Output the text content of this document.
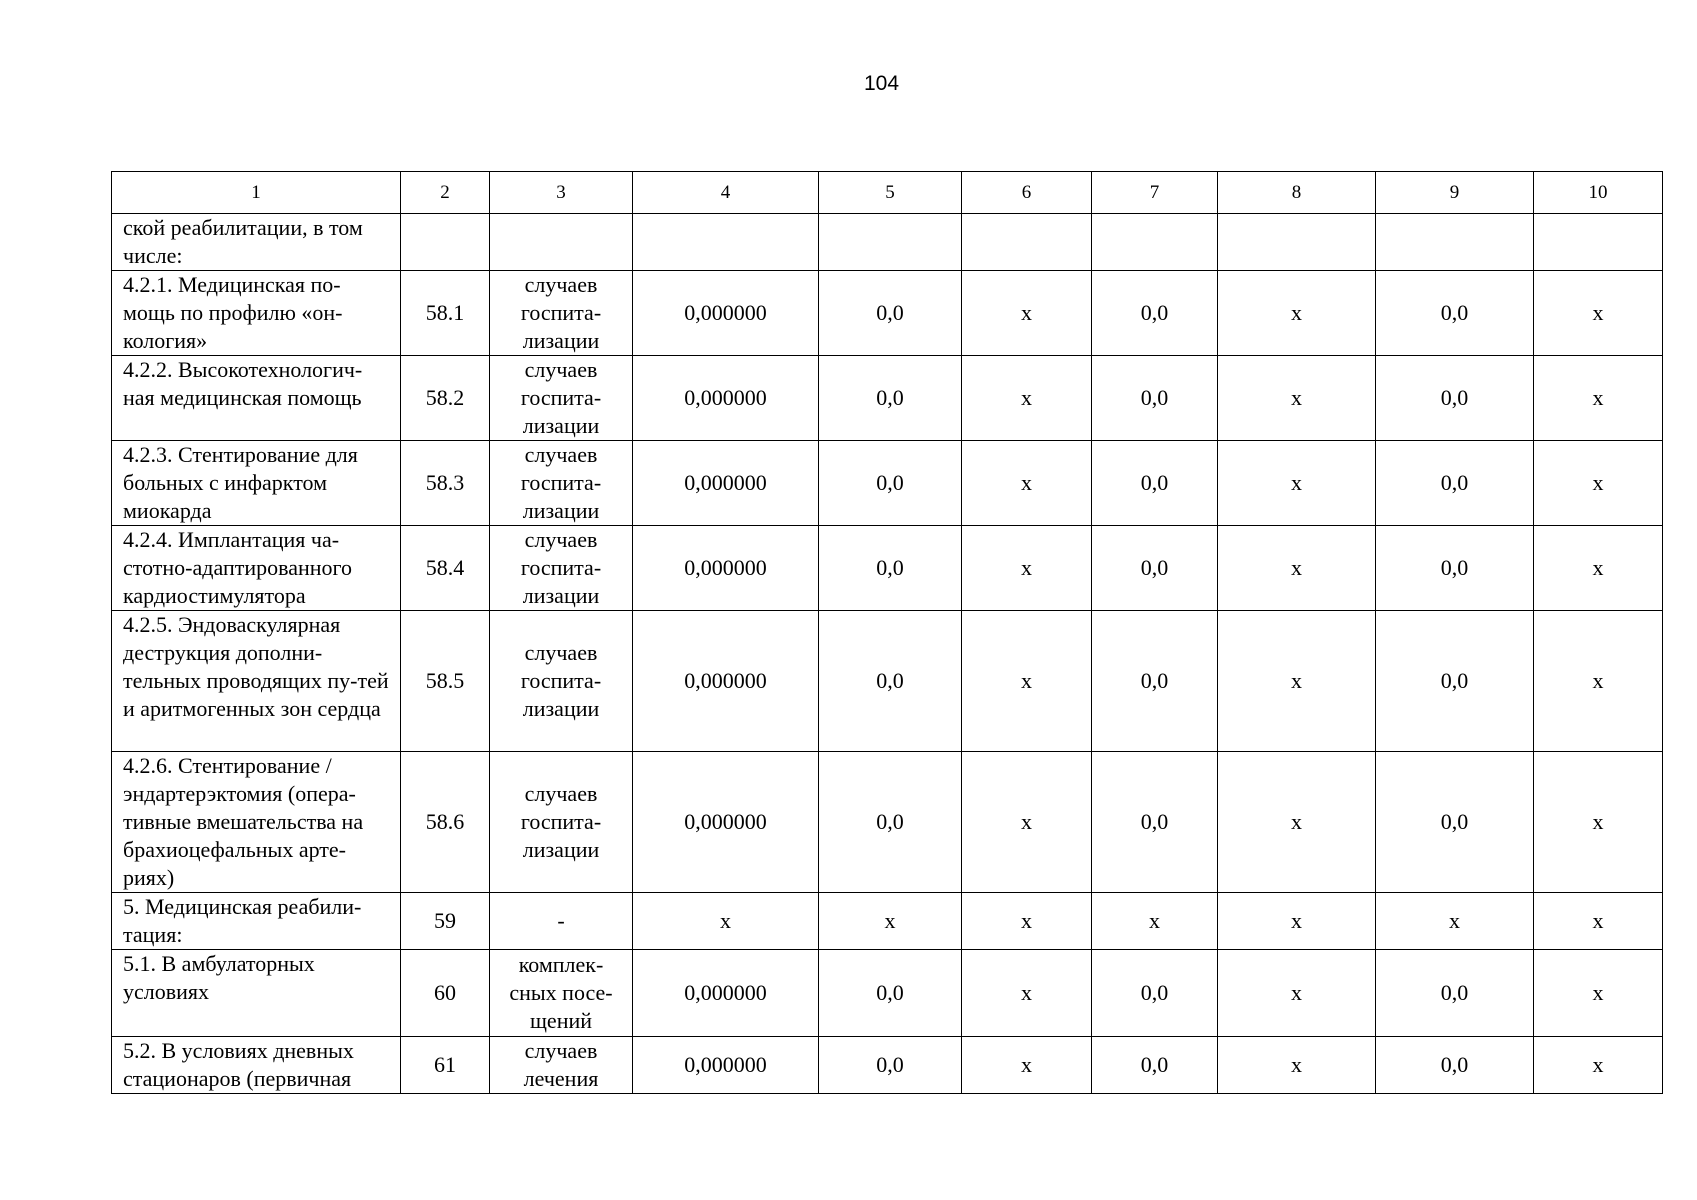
104
1	2	3	4	5	6	7	8	9	10
ской реабилитации, в том числе:									
4.2.1. Медицинская по-мощь по профилю «он-кология»	58.1	случаев госпита-лизации	0,000000	0,0	х	0,0	х	0,0	х
4.2.2. Высокотехнологич-ная медицинская помощь	58.2	случаев госпита-лизации	0,000000	0,0	х	0,0	х	0,0	х
4.2.3. Стентирование для больных с инфарктом миокарда	58.3	случаев госпита-лизации	0,000000	0,0	х	0,0	х	0,0	х
4.2.4. Имплантация ча-стотно-адаптированного кардиостимулятора	58.4	случаев госпита-лизации	0,000000	0,0	х	0,0	х	0,0	х
4.2.5. Эндоваскулярная деструкция дополни-тельных проводящих пу-тей и аритмогенных зон сердца	58.5	случаев госпита-лизации	0,000000	0,0	х	0,0	х	0,0	х
4.2.6. Стентирование /эндартерэктомия (опера-тивные вмешательства на брахиоцефальных арте-риях)	58.6	случаев госпита-лизации	0,000000	0,0	х	0,0	х	0,0	х
5. Медицинская реабили-тация:	59	-	х	х	х	х	х	х	х
5.1. В амбулаторных условиях	60	комплек-сных посе-щений	0,000000	0,0	х	0,0	х	0,0	х
5.2. В условиях дневных стационаров (первичная	61	случаев лечения	0,000000	0,0	х	0,0	х	0,0	х
